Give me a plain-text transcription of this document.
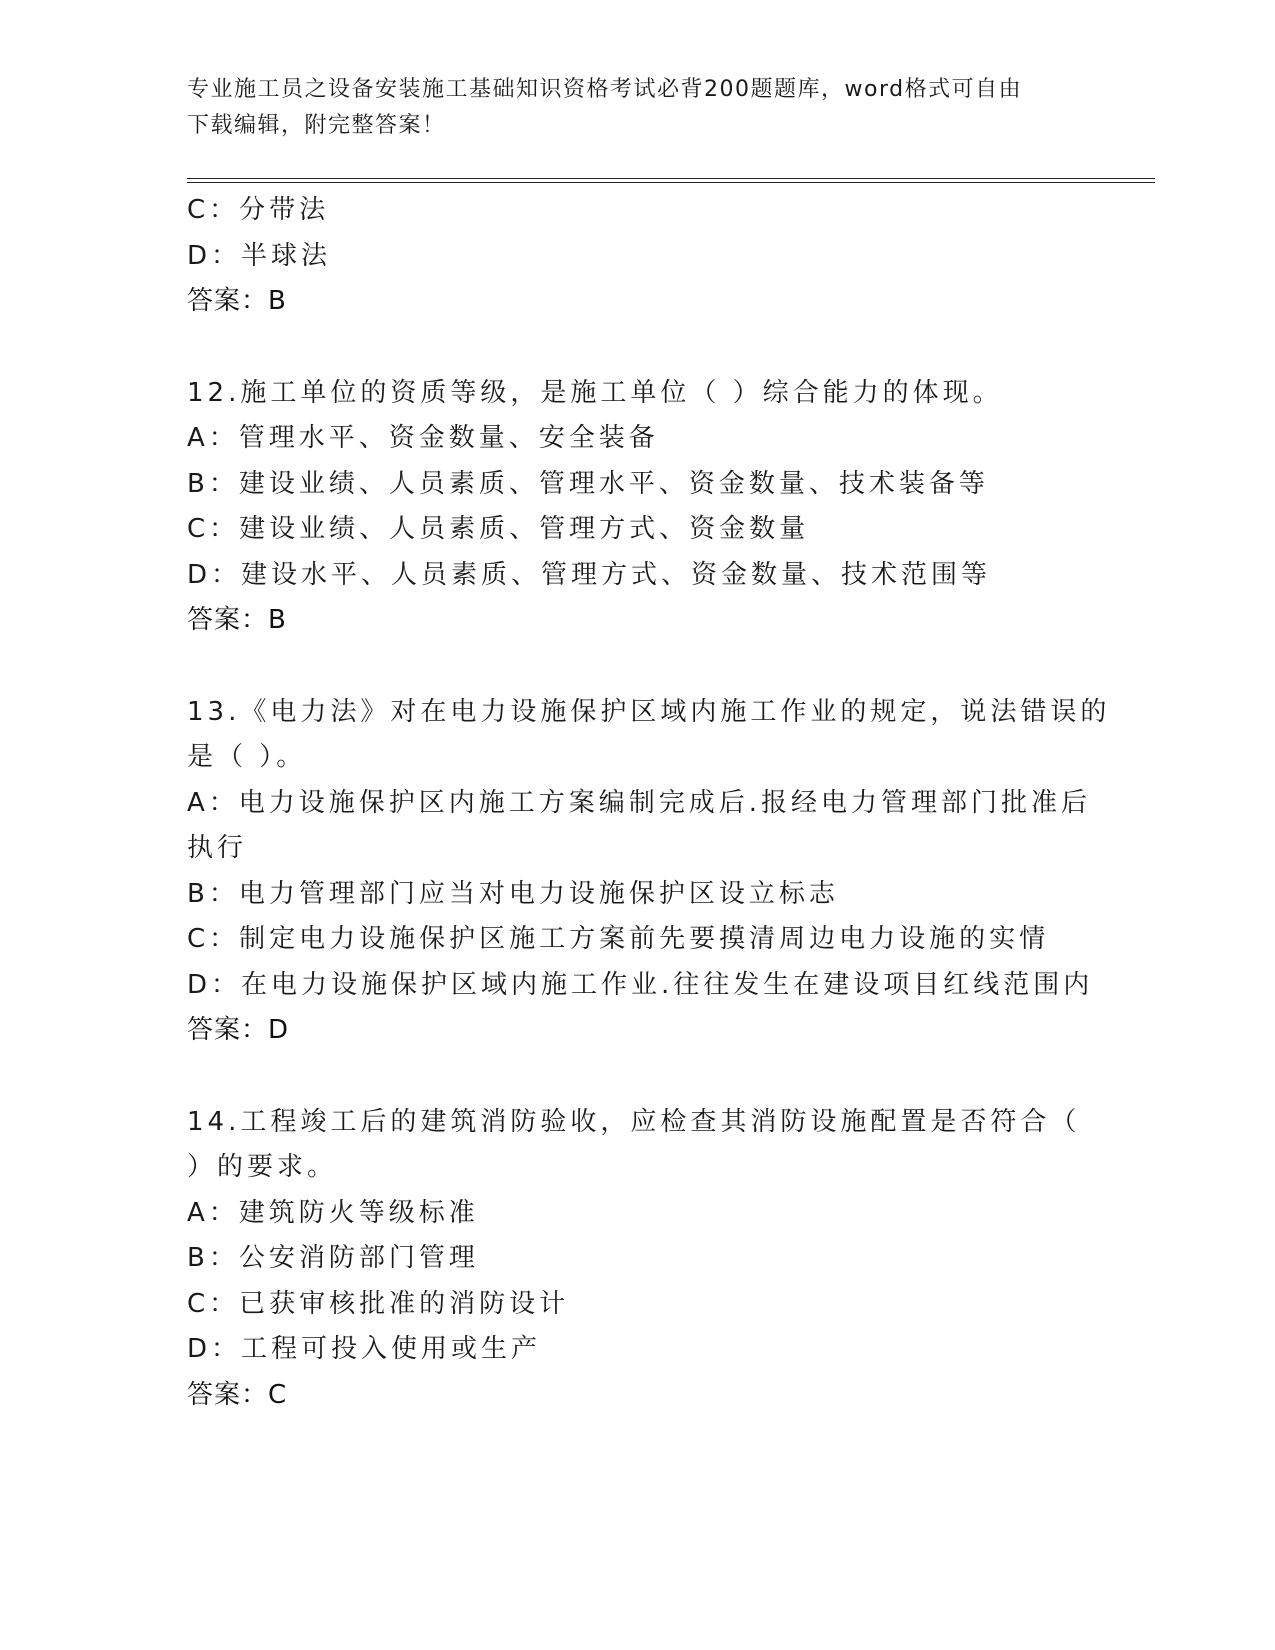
专业施工员之设备安装施工基础知识资格考试必背200题题库，word格式可自由
下载编辑，附完整答案！
C：分带法
D：半球法
答案：B
12.施工单位的资质等级，是施工单位（ ）综合能力的体现。
A：管理水平、资金数量、安全装备
B：建设业绩、人员素质、管理水平、资金数量、技术装备等
C：建设业绩、人员素质、管理方式、资金数量
D：建设水平、人员素质、管理方式、资金数量、技术范围等
答案：B
13.《电力法》对在电力设施保护区域内施工作业的规定，说法错误的
是（ ）。
A：电力设施保护区内施工方案编制完成后.报经电力管理部门批准后
执行
B：电力管理部门应当对电力设施保护区设立标志
C：制定电力设施保护区施工方案前先要摸清周边电力设施的实情
D：在电力设施保护区域内施工作业.往往发生在建设项目红线范围内
答案：D
14.工程竣工后的建筑消防验收，应检查其消防设施配置是否符合（
）的要求。
A：建筑防火等级标准
B：公安消防部门管理
C：已获审核批准的消防设计
D：工程可投入使用或生产
答案：C
